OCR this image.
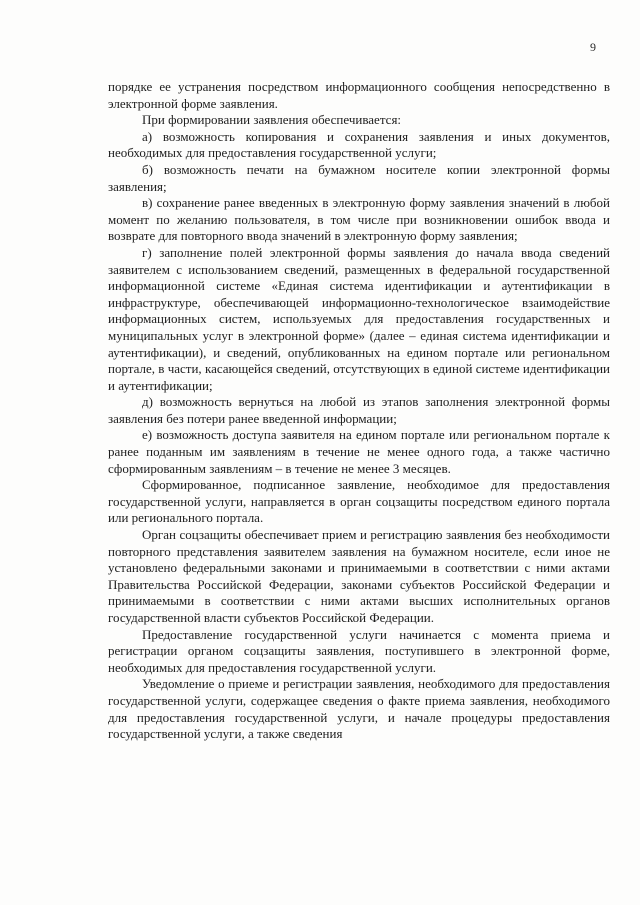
9

порядке ее устранения посредством информационного сообщения непосредственно в электронной форме заявления.

При формировании заявления обеспечивается:

а) возможность копирования и сохранения заявления и иных документов, необходимых для предоставления государственной услуги;

б) возможность печати на бумажном носителе копии электронной формы заявления;

в) сохранение ранее введенных в электронную форму заявления значений в любой момент по желанию пользователя, в том числе при возникновении ошибок ввода и возврате для повторного ввода значений в электронную форму заявления;

г) заполнение полей электронной формы заявления до начала ввода сведений заявителем с использованием сведений, размещенных в федеральной государственной информационной системе «Единая система идентификации и аутентификации в инфраструктуре, обеспечивающей информационно-технологическое взаимодействие информационных систем, используемых для предоставления государственных и муниципальных услуг в электронной форме» (далее – единая система идентификации и аутентификации), и сведений, опубликованных на едином портале или региональном портале, в части, касающейся сведений, отсутствующих в единой системе идентификации и аутентификации;

д) возможность вернуться на любой из этапов заполнения электронной формы заявления без потери ранее введенной информации;

е) возможность доступа заявителя на едином портале или региональном портале к ранее поданным им заявлениям в течение не менее одного года, а также частично сформированным заявлениям – в течение не менее 3 месяцев.

Сформированное, подписанное заявление, необходимое для предоставления государственной услуги, направляется в орган соцзащиты посредством единого портала или регионального портала.

Орган соцзащиты обеспечивает прием и регистрацию заявления без необходимости повторного представления заявителем заявления на бумажном носителе, если иное не установлено федеральными законами и принимаемыми в соответствии с ними актами Правительства Российской Федерации, законами субъектов Российской Федерации и принимаемыми в соответствии с ними актами высших исполнительных органов государственной власти субъектов Российской Федерации.

Предоставление государственной услуги начинается с момента приема и регистрации органом соцзащиты заявления, поступившего в электронной форме, необходимых для предоставления государственной услуги.

Уведомление о приеме и регистрации заявления, необходимого для предоставления государственной услуги, содержащее сведения о факте приема заявления, необходимого для предоставления государственной услуги, и начале процедуры предоставления государственной услуги, а также сведения
